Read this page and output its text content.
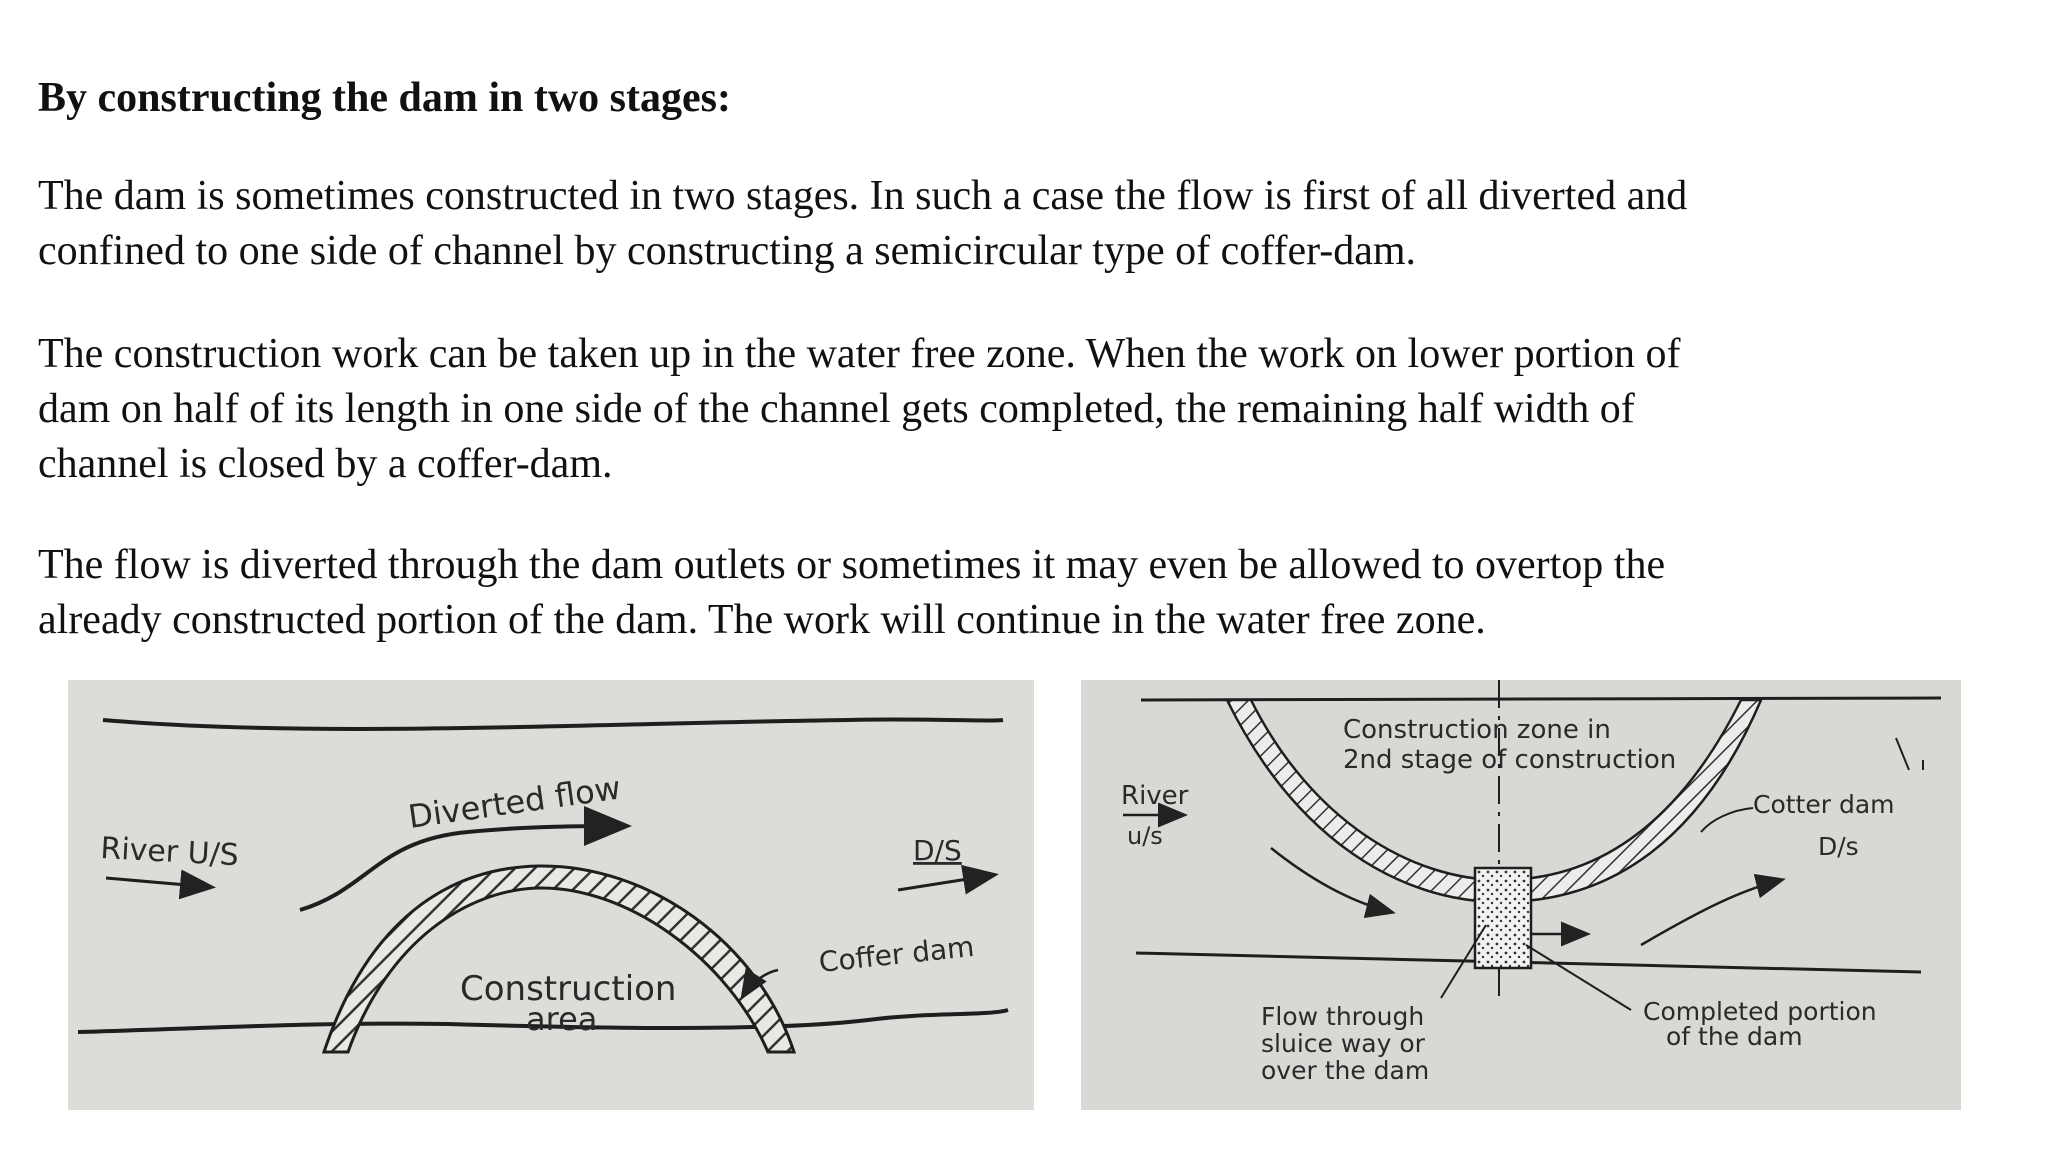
By constructing the dam in two stages:

The dam is sometimes constructed in two stages. In such a case the flow is first of all diverted and
confined to one side of channel by constructing a semicircular type of coffer-dam.

The construction work can be taken up in the water free zone. When the work on lower portion of
dam on half of its length in one side of the channel gets completed, the remaining half width of
channel is closed by a coffer-dam.

The flow is diverted through the dam outlets or sometimes it may even be allowed to overtop the
already constructed portion of the dam. The work will continue in the water free zone.

River U/S
Diverted flow
D/S
Coffer dam
Construction
area
Construction zone in
2nd stage of construction
River
u/s
Cotter dam
D/s
Flow through
sluice way or
over the dam
Completed portion
of the dam
